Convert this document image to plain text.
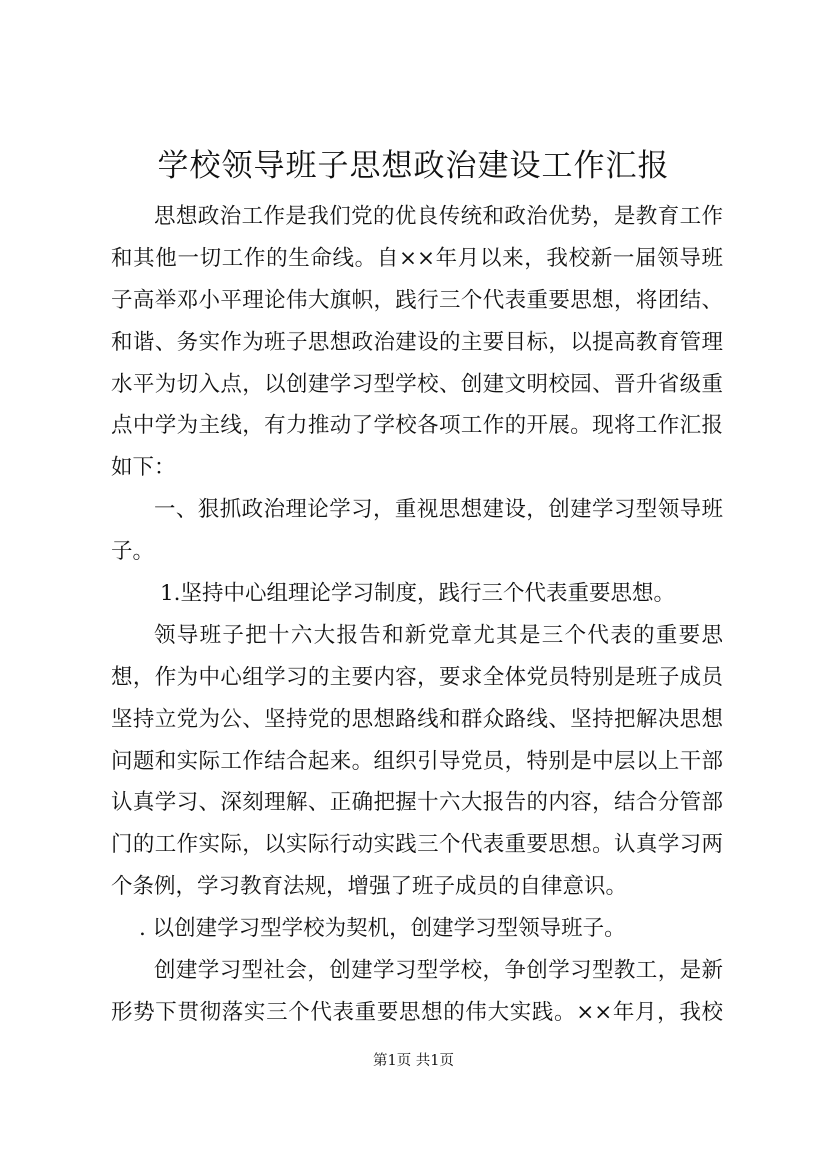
学校领导班子思想政治建设工作汇报
思想政治工作是我们党的优良传统和政治优势，是教育工作
和其他一切工作的生命线。自××年月以来，我校新一届领导班
子高举邓小平理论伟大旗帜，践行三个代表重要思想，将团结、
和谐、务实作为班子思想政治建设的主要目标，以提高教育管理
水平为切入点，以创建学习型学校、创建文明校园、晋升省级重
点中学为主线，有力推动了学校各项工作的开展。现将工作汇报
如下：
一、狠抓政治理论学习，重视思想建设，创建学习型领导班
子。
1.坚持中心组理论学习制度，践行三个代表重要思想。
领导班子把十六大报告和新党章尤其是三个代表的重要思
想，作为中心组学习的主要内容，要求全体党员特别是班子成员
坚持立党为公、坚持党的思想路线和群众路线、坚持把解决思想
问题和实际工作结合起来。组织引导党员，特别是中层以上干部
认真学习、深刻理解、正确把握十六大报告的内容，结合分管部
门的工作实际，以实际行动实践三个代表重要思想。认真学习两
个条例，学习教育法规，增强了班子成员的自律意识。
. 以创建学习型学校为契机，创建学习型领导班子。
创建学习型社会，创建学习型学校，争创学习型教工，是新
形势下贯彻落实三个代表重要思想的伟大实践。××年月，我校
第1页 共1页
